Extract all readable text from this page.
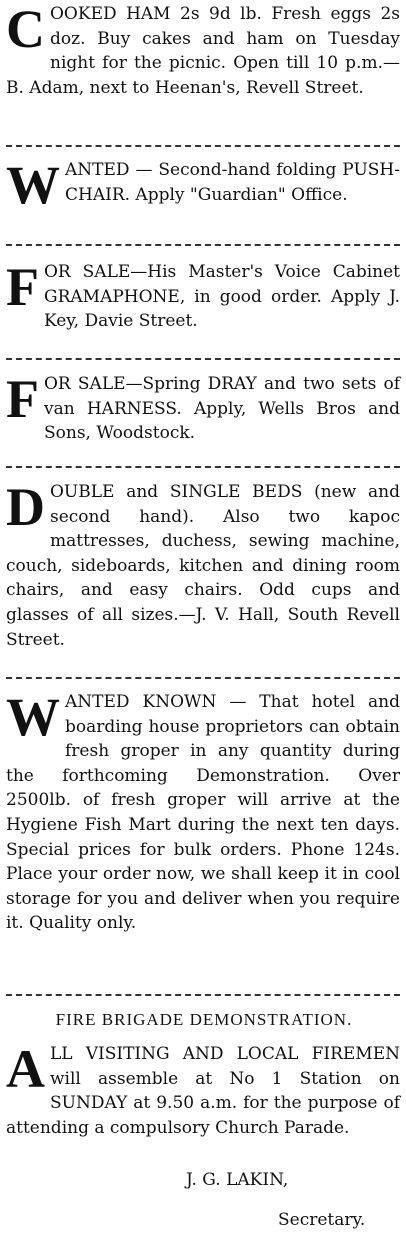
C OOKED HAM 2s 9d lb. Fresh eggs 2s doz. Buy cakes and ham on Tuesday night for the picnic. Open till 10 p.m.—B. Adam, next to Heenan's, Revell Street.
W ANTED — Second-hand folding PUSH-CHAIR. Apply "Guardian" Office.
F OR SALE—His Master's Voice Cabinet GRAMAPHONE, in good order. Apply J. Key, Davie Street.
F OR SALE—Spring DRAY and two sets of van HARNESS. Apply, Wells Bros and Sons, Woodstock.
D OUBLE and SINGLE BEDS (new and second hand). Also two kapoc mattresses, duchess, sewing machine, couch, sideboards, kitchen and dining room chairs, and easy chairs. Odd cups and glasses of all sizes.—J. V. Hall, South Revell Street.
W ANTED KNOWN — That hotel and boarding house proprietors can obtain fresh groper in any quantity during the forthcoming Demonstration. Over 2500lb. of fresh groper will arrive at the Hygiene Fish Mart during the next ten days. Special prices for bulk orders. Phone 124s. Place your order now, we shall keep it in cool storage for you and deliver when you require it. Quality only.
FIRE BRIGADE DEMONSTRATION.
A LL VISITING AND LOCAL FIREMEN will assemble at No 1 Station on SUNDAY at 9.50 a.m. for the purpose of attending a compulsory Church Parade.
J. G. LAKIN,
Secretary.
